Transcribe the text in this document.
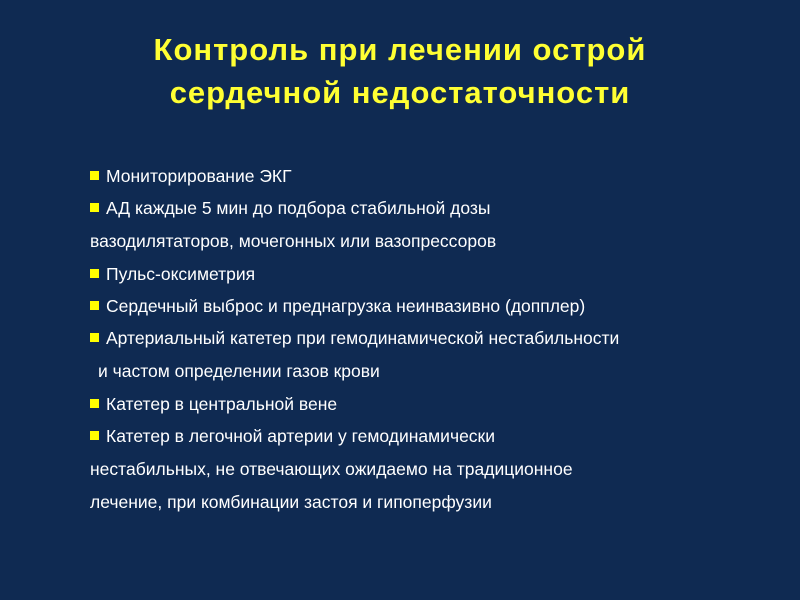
Контроль при лечении острой
сердечной недостаточности
Мониторирование ЭКГ
АД каждые 5 мин до подбора стабильной дозы
вазодилятаторов, мочегонных или вазопрессоров
Пульс-оксиметрия
Сердечный выброс и преднагрузка неинвазивно (допплер)
Артериальный катетер при гемодинамической нестабильности
и частом определении газов крови
Катетер в центральной вене
Катетер в легочной артерии у гемодинамически
нестабильных, не отвечающих ожидаемо на традиционное
лечение, при комбинации застоя и гипоперфузии
